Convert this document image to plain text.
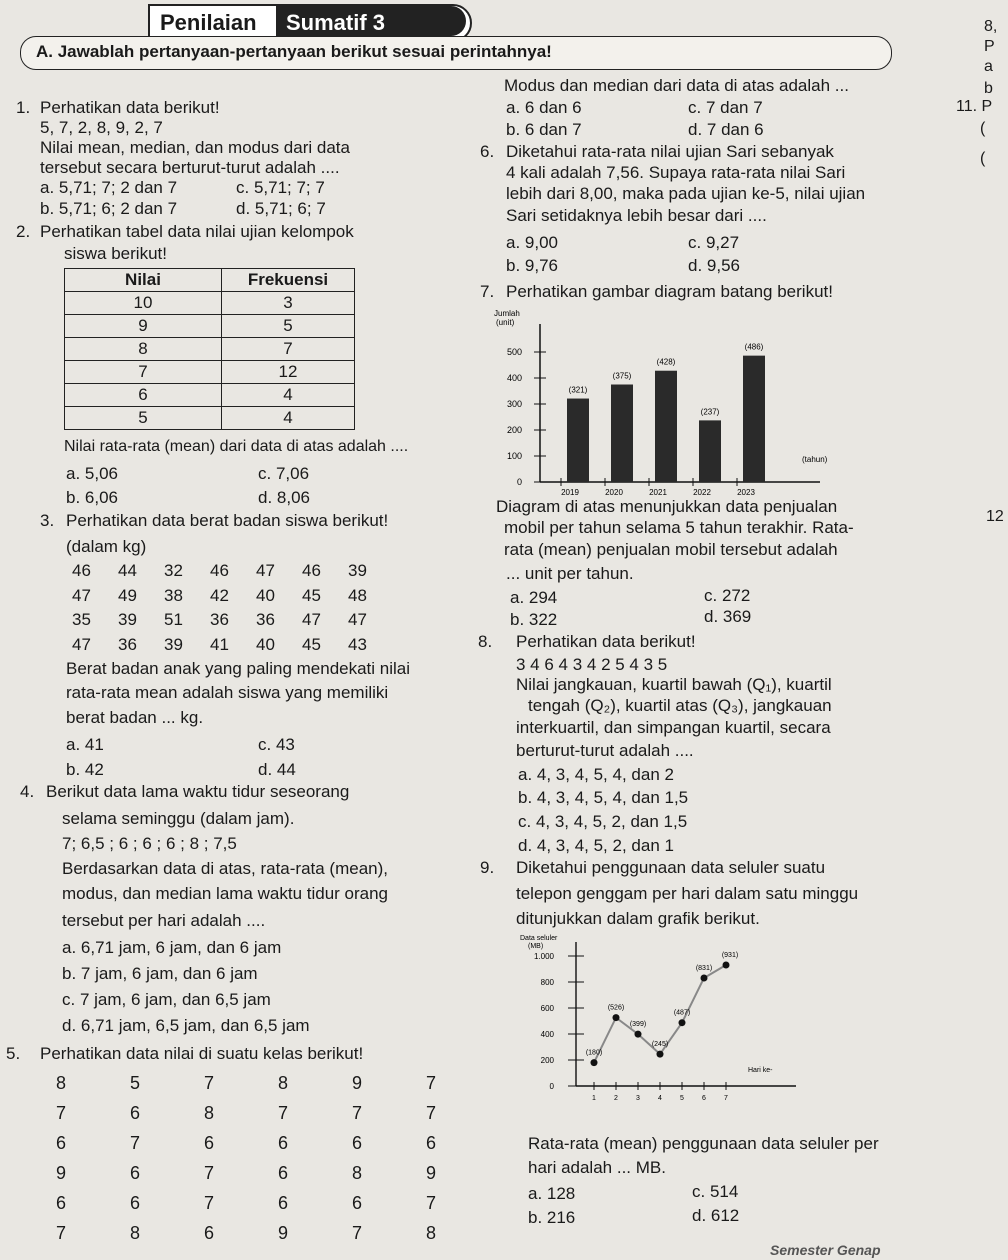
Penilaian Sumatif 3
A. Jawablah pertanyaan-pertanyaan berikut sesuai perintahnya!
8,
P
a
b
11. P
(
(
12
1. Perhatikan data berikut!
5, 7, 2, 8, 9, 2, 7
Nilai mean, median, dan modus dari data
tersebut secara berturut-turut adalah ....
a. 5,71; 7; 2 dan 7	c. 5,71; 7; 7
b. 5,71; 6; 2 dan 7	d. 5,71; 6; 7
2. Perhatikan tabel data nilai ujian kelompok
siswa berikut!
Nilai	Frekuensi
10	3
9	5
8	7
7	12
6	4
5	4
Nilai rata-rata (mean) dari data di atas adalah ....
a. 5,06	c. 7,06
b. 6,06	d. 8,06
3. Perhatikan data berat badan siswa berikut!
(dalam kg)
46 44 32 46 47 46 39
47 49 38 42 40 45 48
35 39 51 36 36 47 47
47 36 39 41 40 45 43
Berat badan anak yang paling mendekati nilai
rata-rata mean adalah siswa yang memiliki
berat badan ... kg.
a. 41	c. 43
b. 42	d. 44
4. Berikut data lama waktu tidur seseorang
selama seminggu (dalam jam).
7; 6,5 ; 6 ; 6 ; 6 ; 8 ; 7,5
Berdasarkan data di atas, rata-rata (mean),
modus, dan median lama waktu tidur orang
tersebut per hari adalah ....
a. 6,71 jam, 6 jam, dan 6 jam
b. 7 jam, 6 jam, dan 6 jam
c. 7 jam, 6 jam, dan 6,5 jam
d. 6,71 jam, 6,5 jam, dan 6,5 jam
5. Perhatikan data nilai di suatu kelas berikut!
8	5	7	8	9	7
7	6	8	7	7	7
6	7	6	6	6	6
9	6	7	6	8	9
6	6	7	6	6	7
7	8	6	9	7	8
Modus dan median dari data di atas adalah ...
a. 6 dan 6	c. 7 dan 7
b. 6 dan 7	d. 7 dan 6
6. Diketahui rata-rata nilai ujian Sari sebanyak
4 kali adalah 7,56. Supaya rata-rata nilai Sari
lebih dari 8,00, maka pada ujian ke-5, nilai ujian
Sari setidaknya lebih besar dari ....
a. 9,00	c. 9,27
b. 9,76	d. 9,56
7. Perhatikan gambar diagram batang berikut!
Jumlah
(unit)
0
100
200
300
400
500
(321)
2019
(375)
2020
(428)
2021
(237)
2022
(486)
2023
(tahun)
Diagram di atas menunjukkan data penjualan
mobil per tahun selama 5 tahun terakhir. Rata-
rata (mean) penjualan mobil tersebut adalah
... unit per tahun.
a. 294	c. 272
b. 322	d. 369
8. Perhatikan data berikut!
3 4 6 4 3 4 2 5 4 3 5
Nilai jangkauan, kuartil bawah (Q₁), kuartil
tengah (Q₂), kuartil atas (Q₃), jangkauan
interkuartil, dan simpangan kuartil, secara
berturut-turut adalah ....
a. 4, 3, 4, 5, 4, dan 2
b. 4, 3, 4, 5, 4, dan 1,5
c. 4, 3, 4, 5, 2, dan 1,5
d. 4, 3, 4, 5, 2, dan 1
9. Diketahui penggunaan data seluler suatu
telepon genggam per hari dalam satu minggu
ditunjukkan dalam grafik berikut.
Data seluler
(MB)
0
200
400
600
800
1.000
(180)
1
(526)
2
(399)
3
(245)
4
(487)
5
(831)
6
(931)
7
Hari ke-
Rata-rata (mean) penggunaan data seluler per
hari adalah ... MB.
a. 128	c. 514
b. 216	d. 612
Semester Genap
